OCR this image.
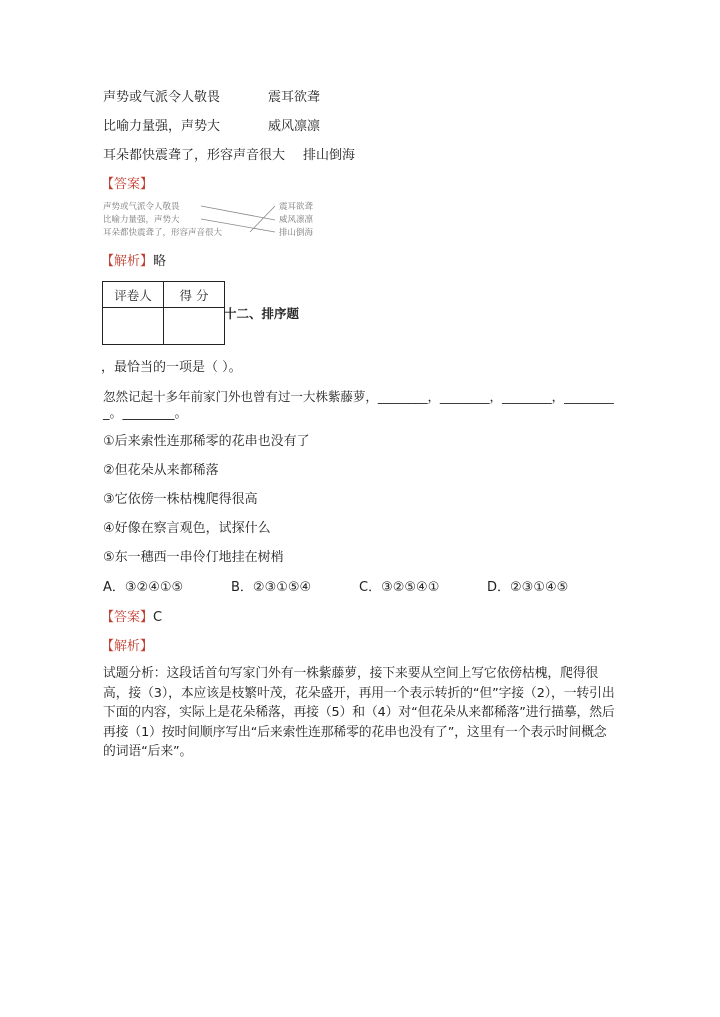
声势或气派令人敬畏	震耳欲聋
比喻力量强，声势大	威风凛凛
耳朵都快震聋了，形容声音很大 排山倒海
【答案】
声势或气派令人敬畏
比喻力量强，声势大
耳朵都快震聋了，形容声音很大
震耳欲聋
威风凛凛
排山倒海
【解析】略
评卷人	得 分

十二、排序题
，最恰当的一项是（ ）。
忽然记起十多年前家门外也曾有过一大株紫藤萝，________，________，________，________
_。________。
①后来索性连那稀零的花串也没有了
②但花朵从来都稀落
③它依傍一株枯槐爬得很高
④好像在察言观色，试探什么
⑤东一穗西一串伶仃地挂在树梢
A．③②④①⑤	B．②③①⑤④	C．③②⑤④①	D．②③①④⑤
【答案】C
【解析】
试题分析：这段话首句写家门外有一株紫藤萝，接下来要从空间上写它依傍枯槐，爬得很高，接（3），本应该是枝繁叶茂，花朵盛开，再用一个表示转折的“但”字接（2），一转引出下面的内容，实际上是花朵稀落，再接（5）和（4）对“但花朵从来都稀落”进行描摹，然后再接（1）按时间顺序写出“后来索性连那稀零的花串也没有了”，这里有一个表示时间概念的词语“后来”。
